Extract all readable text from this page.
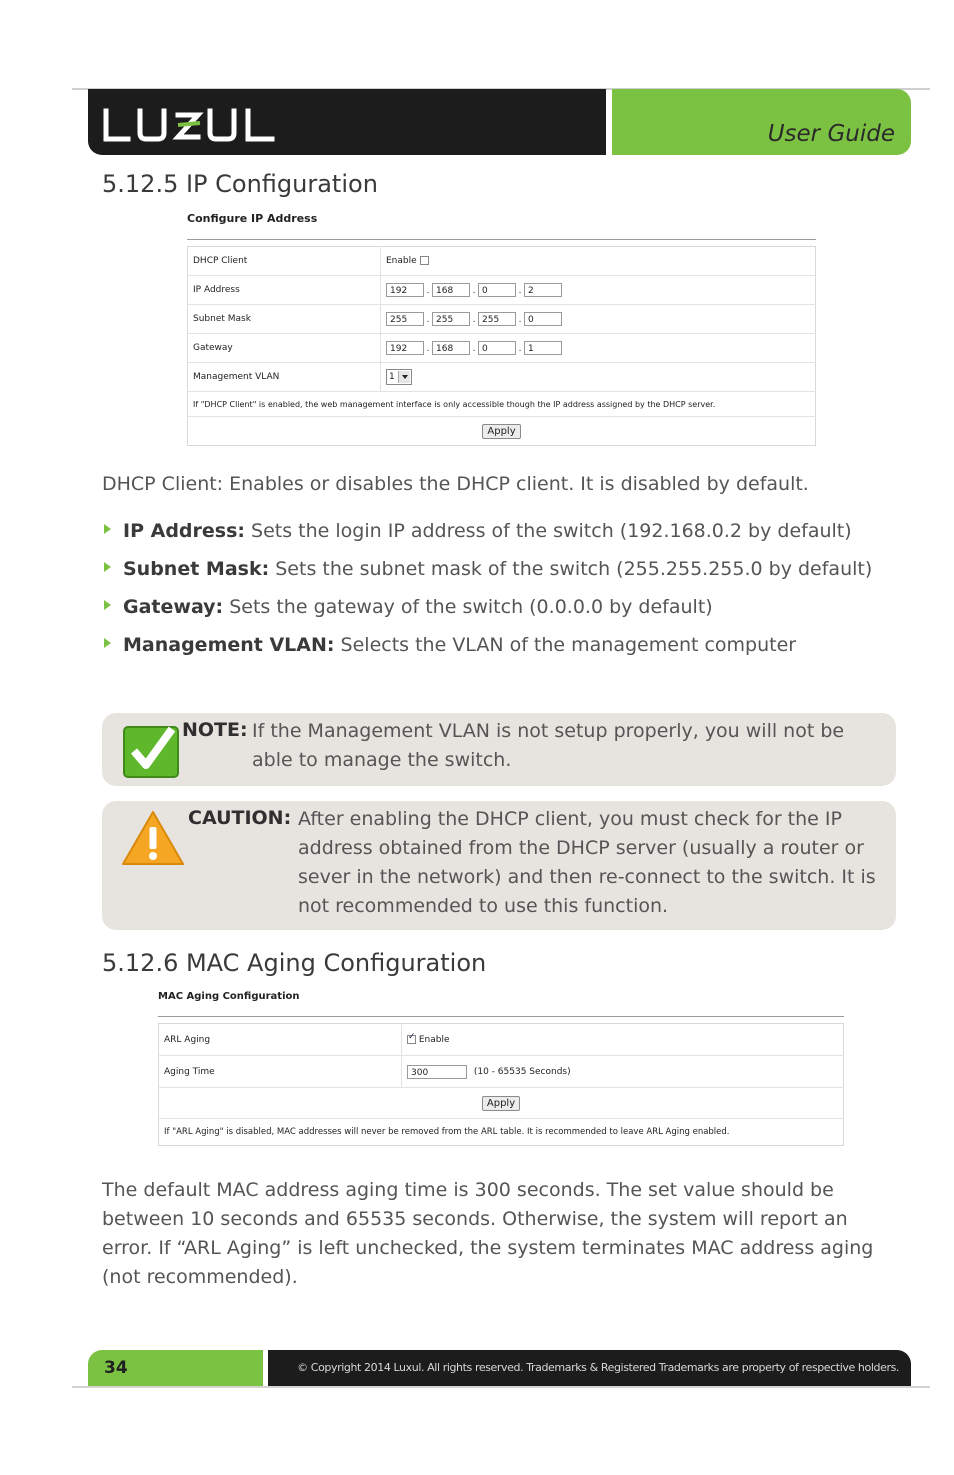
User Guide
5.12.5 IP Configuration
Configure IP Address
DHCP Client	Enable
IP Address	192 . 168 . 0 . 2
Subnet Mask	255 . 255 . 255 . 0
Gateway	192 . 168 . 0 . 1
Management VLAN	1
If "DHCP Client" is enabled, the web management interface is only accessible though the IP address assigned by the DHCP server.	
Apply	

DHCP Client: Enables or disables the DHCP client. It is disabled by default.

IP Address: Sets the login IP address of the switch (192.168.0.2 by default)
Subnet Mask: Sets the subnet mask of the switch (255.255.255.0 by default)
Gateway: Sets the gateway of the switch (0.0.0.0 by default)
Management VLAN: Selects the VLAN of the management computer
NOTE: If the Management VLAN is not setup properly, you will not be able to manage the switch.
CAUTION: After enabling the DHCP client, you must check for the IP address obtained from the DHCP server (usually a router or sever in the network) and then re-connect to the switch. It is not recommended to use this function.
5.12.6 MAC Aging Configuration
MAC Aging Configuration
ARL Aging	✓Enable
Aging Time	300 (10 - 65535 Seconds)
Apply	
If "ARL Aging" is disabled, MAC addresses will never be removed from the ARL table. It is recommended to leave ARL Aging enabled.	

The default MAC address aging time is 300 seconds. The set value should be between 10 seconds and 65535 seconds. Otherwise, the system will report an error. If “ARL Aging” is left unchecked, the system terminates MAC address aging (not recommended).

34	© Copyright 2014 Luxul. All rights reserved. Trademarks & Registered Trademarks are property of respective holders.
